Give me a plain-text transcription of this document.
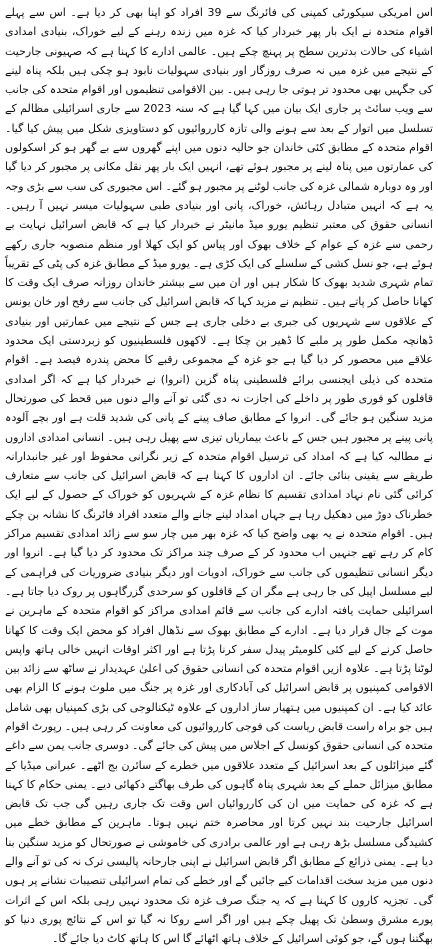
اس امریکی سیکورٹی کمپنی کی فائرنگ سے 39 افراد کو اپنا بھی کر دیا ہے۔ اس سے پہلے اقوام متحدہ نے ایک بار پھر خبردار کیا کہ غزہ میں زندہ رہنے کے لیے خوراک، بنیادی امدادی اشیاء کی حالات بدترین سطح پر پہنچ چکے ہیں۔ عالمی ادارے کا کہنا ہے کہ صہیونی جارحیت کے نتیجے میں غزہ میں نہ صرف روزگار اور بنیادی سہولیات نابود ہو چکی ہیں بلکہ پناہ لینے کی جگہیں بھی محدود تر ہوتی جا رہی ہیں۔ بین الاقوامی تنظیموں اور اقوام متحدہ کی جانب سے ویب سائٹ پر جاری ایک بیان میں کہا گیا ہے کہ سنہ 2023 سے جاری اسرائیلی مظالم کے تسلسل میں اتوار کے بعد سے ہونے والی تازہ کارروائیوں کو دستاویزی شکل میں پیش کیا گیا۔ اقوام متحدہ کے مطابق کئی خاندان جو حالیہ دنوں میں اپنے گھروں سے بے گھر ہو کر اسکولوں کی عمارتوں میں پناہ لینے پر مجبور ہوئے تھے، انہیں ایک بار پھر نقل مکانی پر مجبور کر دیا گیا اور وہ دوبارہ شمالی غزہ کی جانب لوٹنے پر مجبور ہو گئے۔ اس مجبوری کی سب سے بڑی وجہ یہ ہے کہ انہیں متبادل رہائش، خوراک، پانی اور بنیادی طبی سہولیات میسر نہیں آ رہیں۔ انسانی حقوق کی معتبر تنظیم یورو میڈ مانیٹر نے خبردار کیا ہے کہ قابض اسرائیل نہایت بے رحمی سے غزہ کے عوام کے خلاف بھوک اور پیاس کو ایک کھلا اور منظم منصوبہ جاری رکھے ہوئے ہے، جو نسل کشی کے سلسلے کی ایک کڑی ہے۔ یورو میڈ کے مطابق غزہ کی پٹی کے تقریباً تمام شہری شدید بھوک کا شکار ہیں اور ان میں سے بیشتر خاندان روزانہ صرف ایک وقت کا کھانا حاصل کر پاتے ہیں۔ تنظیم نے مزید کہا کہ قابض اسرائیل کی جانب سے رفح اور خان یونس کے علاقوں سے شہریوں کی جبری بے دخلی جاری ہے جس کے نتیجے میں عمارتیں اور بنیادی ڈھانچہ مکمل طور پر ملبے کا ڈھیر بن چکا ہے۔ لاکھوں فلسطینیوں کو زبردستی ایک محدود علاقے میں محصور کر دیا گیا ہے جو غزہ کے مجموعی رقبے کا محض پندرہ فیصد ہے۔ اقوام متحدہ کی ذیلی ایجنسی برائے فلسطینی پناہ گزین (انروا) نے خبردار کیا ہے کہ اگر امدادی قافلوں کو فوری طور پر داخلے کی اجازت نہ دی گئی تو آنے والے دنوں میں قحط کی صورتحال مزید سنگین ہو جائے گی۔ انروا کے مطابق صاف پینے کے پانی کی شدید قلت ہے اور بچے آلودہ پانی پینے پر مجبور ہیں جس کے باعث بیماریاں تیزی سے پھیل رہی ہیں۔ انسانی امدادی اداروں نے مطالبہ کیا ہے کہ امداد کی ترسیل اقوام متحدہ کے زیر نگرانی محفوظ اور غیر جانبدارانہ طریقے سے یقینی بنائی جائے۔ ان اداروں کا کہنا ہے کہ قابض اسرائیل کی جانب سے متعارف کرائی گئی نام نہاد امدادی تقسیم کا نظام غزہ کے شہریوں کو خوراک کے حصول کے لیے ایک خطرناک دوڑ میں دھکیل رہا ہے جہاں امداد لینے جانے والے متعدد افراد فائرنگ کا نشانہ بن چکے ہیں۔ اقوام متحدہ نے یہ بھی واضح کیا کہ غزہ بھر میں چار سو سے زائد امدادی تقسیم مراکز کام کر رہے تھے جنہیں اب محدود کر کے صرف چند مراکز تک محدود کر دیا گیا ہے۔ انروا اور دیگر انسانی تنظیموں کی جانب سے خوراک، ادویات اور دیگر بنیادی ضروریات کی فراہمی کے لیے مسلسل اپیل کی جا رہی ہے مگر ان کے قافلوں کو سرحدی گزرگاہوں پر روک دیا جاتا ہے۔ اسرائیلی حمایت یافتہ ادارے کی جانب سے قائم امدادی مراکز کو اقوام متحدہ کے ماہرین نے موت کے جال قرار دیا ہے۔ ادارے کے مطابق بھوک سے نڈھال افراد کو محض ایک وقت کا کھانا حاصل کرنے کے لیے کئی کلومیٹر پیدل سفر کرنا پڑتا ہے اور اکثر اوقات انہیں خالی ہاتھ واپس لوٹنا پڑتا ہے۔ علاوہ ازیں اقوام متحدہ کی انسانی حقوق کی اعلیٰ عہدیدار نے ساٹھ سے زائد بین الاقوامی کمپنیوں پر قابض اسرائیل کی آبادکاری اور غزہ پر جنگ میں ملوث ہونے کا الزام بھی عائد کیا ہے۔ ان کمپنیوں میں ہتھیار ساز اداروں کے علاوہ ٹیکنالوجی کی بڑی کمپنیاں بھی شامل ہیں جو براہ راست قابض ریاست کی فوجی کارروائیوں کی معاونت کر رہی ہیں۔ رپورٹ اقوام متحدہ کی انسانی حقوق کونسل کے اجلاس میں پیش کی جائے گی۔ دوسری جانب یمن سے داغے گئے میزائلوں کے بعد اسرائیل کے متعدد علاقوں میں خطرے کے سائرن بج اٹھے۔ عبرانی میڈیا کے مطابق میزائل حملے کے بعد شہری پناہ گاہوں کی طرف بھاگتے دکھائی دیے۔ یمنی حکام کا کہنا ہے کہ غزہ کی حمایت میں ان کی کارروائیاں اس وقت تک جاری رہیں گی جب تک قابض اسرائیل جارحیت بند نہیں کرتا اور محاصرہ ختم نہیں ہوتا۔ ماہرین کے مطابق خطے میں کشیدگی مسلسل بڑھ رہی ہے اور عالمی برادری کی خاموشی نے صورتحال کو مزید سنگین بنا دیا ہے۔ یمنی ذرائع کے مطابق اگر قابض اسرائیل نے اپنی جارحانہ پالیسی ترک نہ کی تو آنے والے دنوں میں مزید سخت اقدامات کیے جائیں گے اور خطے کی تمام اسرائیلی تنصیبات نشانے پر ہوں گی۔ تجزیہ کاروں کا کہنا ہے کہ یہ جنگ صرف غزہ تک محدود نہیں رہی بلکہ اس کے اثرات پورے مشرق وسطیٰ تک پھیل چکے ہیں اور اگر اسے روکا نہ گیا تو اس کے نتائج پوری دنیا کو بھگتنا ہوں گے، جو کوئی اسرائیل کے خلاف ہاتھ اٹھائے گا اس کا ہاتھ کاٹ دیا جائے گا۔
